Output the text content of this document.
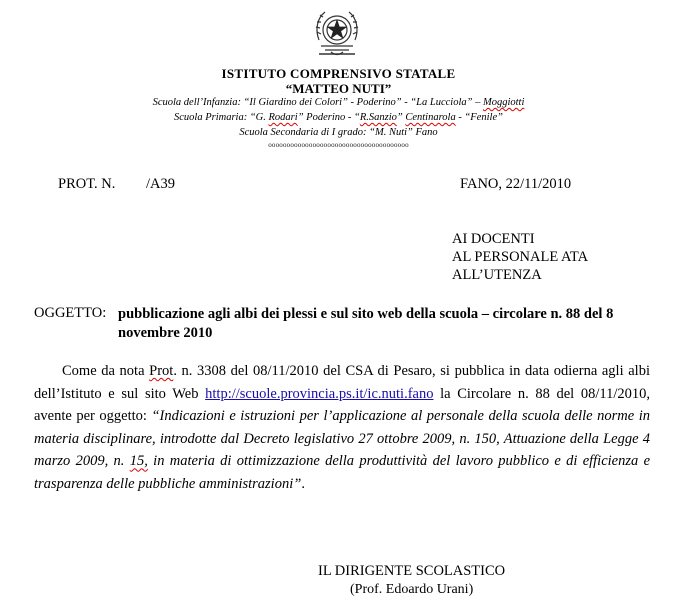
ISTITUTO COMPRENSIVO STATALE
“MATTEO NUTI”
Scuola dell’Infanzia: “Il Giardino dei Colori” - Poderino” - “La Lucciola” – Moggiotti
Scuola Primaria: “G. Rodari” Poderino - “R.Sanzio” Centinarola - “Fenile”
Scuola Secondaria di I grado: “M. Nuti” Fano
oooooooooooooooooooooooooooooooooooooo
PROT. N. /A39	FANO, 22/11/2010
AI DOCENTI
AL PERSONALE ATA
ALL’UTENZA
OGGETTO: pubblicazione agli albi dei plessi e sul sito web della scuola – circolare n. 88 del 8 novembre 2010
Come da nota Prot. n. 3308 del 08/11/2010 del CSA di Pesaro, si pubblica in data odierna agli albi dell’Istituto e sul sito Web http://scuole.provincia.ps.it/ic.nuti.fano la Circolare n. 88 del 08/11/2010, avente per oggetto: “Indicazioni e istruzioni per l’applicazione al personale della scuola delle norme in materia disciplinare, introdotte dal Decreto legislativo 27 ottobre 2009, n. 150, Attuazione della Legge 4 marzo 2009, n. 15, in materia di ottimizzazione della produttività del lavoro pubblico e di efficienza e trasparenza delle pubbliche amministrazioni”.
IL DIRIGENTE SCOLASTICO
(Prof. Edoardo Urani)
